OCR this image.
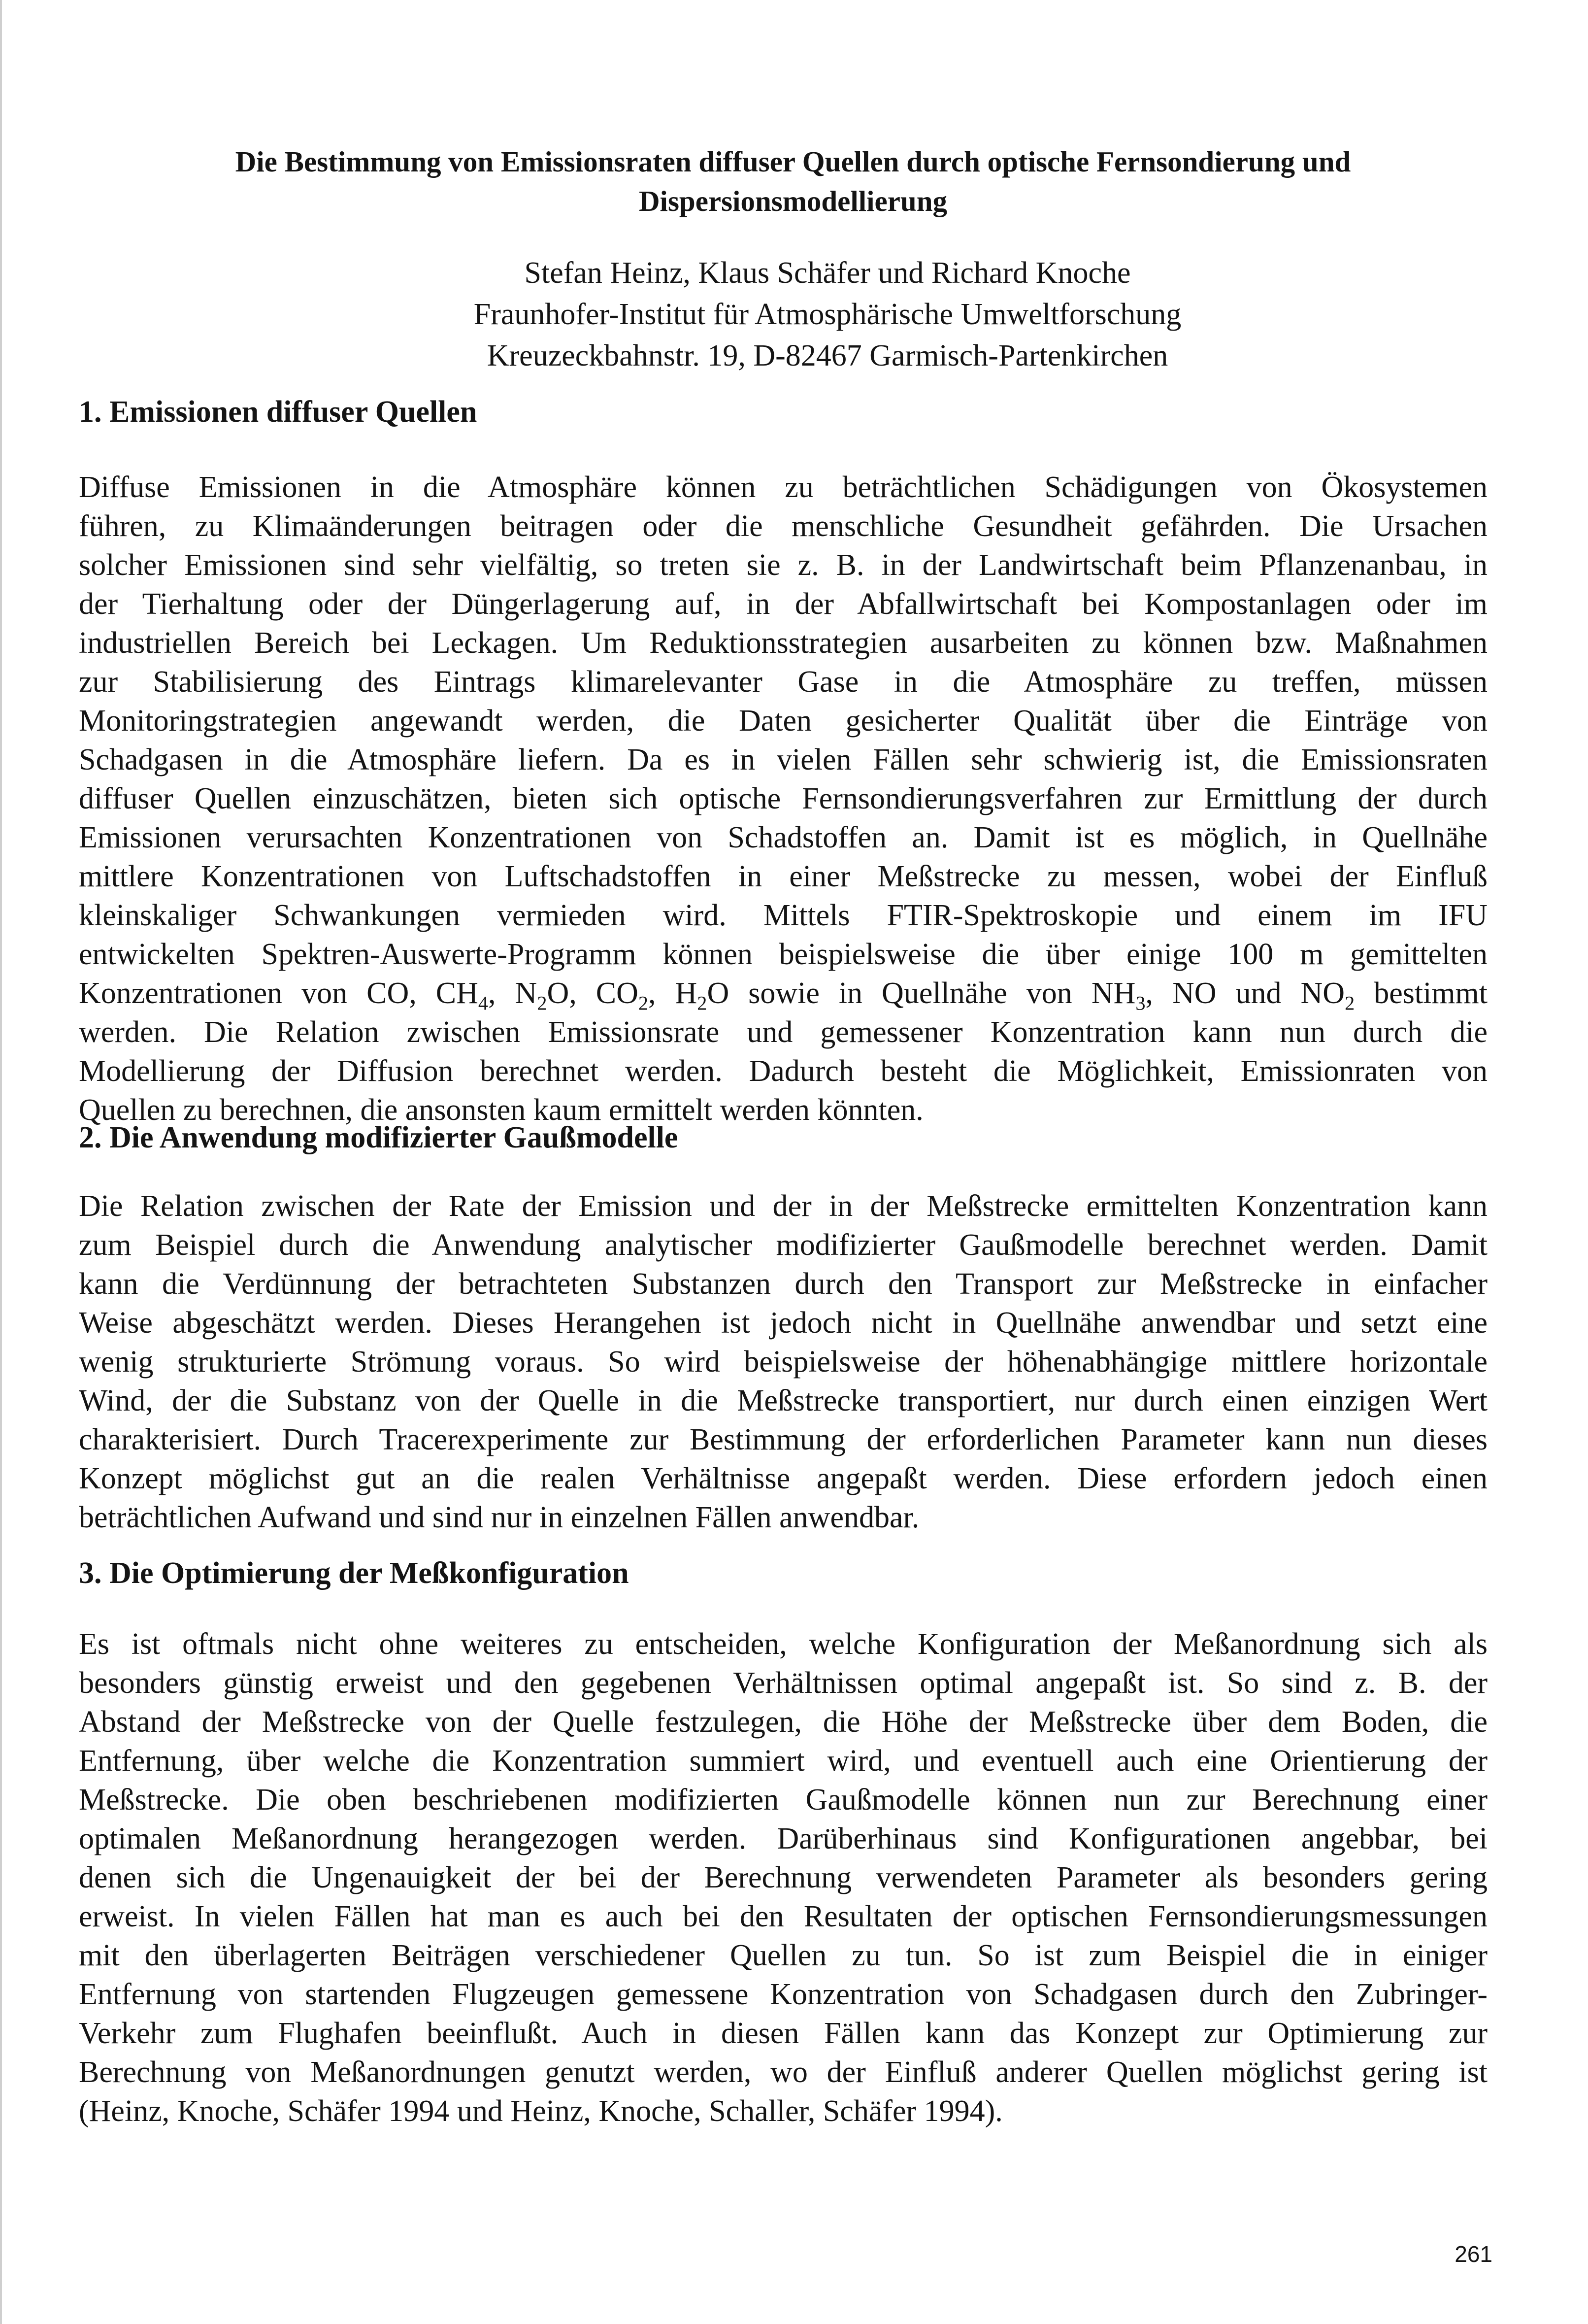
Die Bestimmung von Emissionsraten diffuser Quellen durch optische Fernsondierung und
Dispersionsmodellierung
Stefan Heinz, Klaus Schäfer und Richard Knoche
Fraunhofer-Institut für Atmosphärische Umweltforschung
Kreuzeckbahnstr. 19, D-82467 Garmisch-Partenkirchen
1. Emissionen diffuser Quellen
Diffuse Emissionen in die Atmosphäre können zu beträchtlichen Schädigungen von Ökosystemen
führen, zu Klimaänderungen beitragen oder die menschliche Gesundheit gefährden. Die Ursachen
solcher Emissionen sind sehr vielfältig, so treten sie z. B. in der Landwirtschaft beim Pflanzenanbau, in
der Tierhaltung oder der Düngerlagerung auf, in der Abfallwirtschaft bei Kompostanlagen oder im
industriellen Bereich bei Leckagen. Um Reduktionsstrategien ausarbeiten zu können bzw. Maßnahmen
zur Stabilisierung des Eintrags klimarelevanter Gase in die Atmosphäre zu treffen, müssen
Monitoringstrategien angewandt werden, die Daten gesicherter Qualität über die Einträge von
Schadgasen in die Atmosphäre liefern. Da es in vielen Fällen sehr schwierig ist, die Emissionsraten
diffuser Quellen einzuschätzen, bieten sich optische Fernsondierungsverfahren zur Ermittlung der durch
Emissionen verursachten Konzentrationen von Schadstoffen an. Damit ist es möglich, in Quellnähe
mittlere Konzentrationen von Luftschadstoffen in einer Meßstrecke zu messen, wobei der Einfluß
kleinskaliger Schwankungen vermieden wird. Mittels FTIR-Spektroskopie und einem im IFU
entwickelten Spektren-Auswerte-Programm können beispielsweise die über einige 100 m gemittelten
Konzentrationen von CO, $CH_4$, $N_2O$, $CO_2$, $H_2O$ sowie in Quellnähe von $NH_3$, NO und $NO_2$ bestimmt
werden. Die Relation zwischen Emissionsrate und gemessener Konzentration kann nun durch die
Modellierung der Diffusion berechnet werden. Dadurch besteht die Möglichkeit, Emissionraten von
Quellen zu berechnen, die ansonsten kaum ermittelt werden könnten.
2. Die Anwendung modifizierter Gaußmodelle
Die Relation zwischen der Rate der Emission und der in der Meßstrecke ermittelten Konzentration kann
zum Beispiel durch die Anwendung analytischer modifizierter Gaußmodelle berechnet werden. Damit
kann die Verdünnung der betrachteten Substanzen durch den Transport zur Meßstrecke in einfacher
Weise abgeschätzt werden. Dieses Herangehen ist jedoch nicht in Quellnähe anwendbar und setzt eine
wenig strukturierte Strömung voraus. So wird beispielsweise der höhenabhängige mittlere horizontale
Wind, der die Substanz von der Quelle in die Meßstrecke transportiert, nur durch einen einzigen Wert
charakterisiert. Durch Tracerexperimente zur Bestimmung der erforderlichen Parameter kann nun dieses
Konzept möglichst gut an die realen Verhältnisse angepaßt werden. Diese erfordern jedoch einen
beträchtlichen Aufwand und sind nur in einzelnen Fällen anwendbar.
3. Die Optimierung der Meßkonfiguration
Es ist oftmals nicht ohne weiteres zu entscheiden, welche Konfiguration der Meßanordnung sich als
besonders günstig erweist und den gegebenen Verhältnissen optimal angepaßt ist. So sind z. B. der
Abstand der Meßstrecke von der Quelle festzulegen, die Höhe der Meßstrecke über dem Boden, die
Entfernung, über welche die Konzentration summiert wird, und eventuell auch eine Orientierung der
Meßstrecke. Die oben beschriebenen modifizierten Gaußmodelle können nun zur Berechnung einer
optimalen Meßanordnung herangezogen werden. Darüberhinaus sind Konfigurationen angebbar, bei
denen sich die Ungenauigkeit der bei der Berechnung verwendeten Parameter als besonders gering
erweist. In vielen Fällen hat man es auch bei den Resultaten der optischen Fernsondierungsmessungen
mit den überlagerten Beiträgen verschiedener Quellen zu tun. So ist zum Beispiel die in einiger
Entfernung von startenden Flugzeugen gemessene Konzentration von Schadgasen durch den Zubringer-
Verkehr zum Flughafen beeinflußt. Auch in diesen Fällen kann das Konzept zur Optimierung zur
Berechnung von Meßanordnungen genutzt werden, wo der Einfluß anderer Quellen möglichst gering ist
(Heinz, Knoche, Schäfer 1994 und Heinz, Knoche, Schaller, Schäfer 1994).
261
